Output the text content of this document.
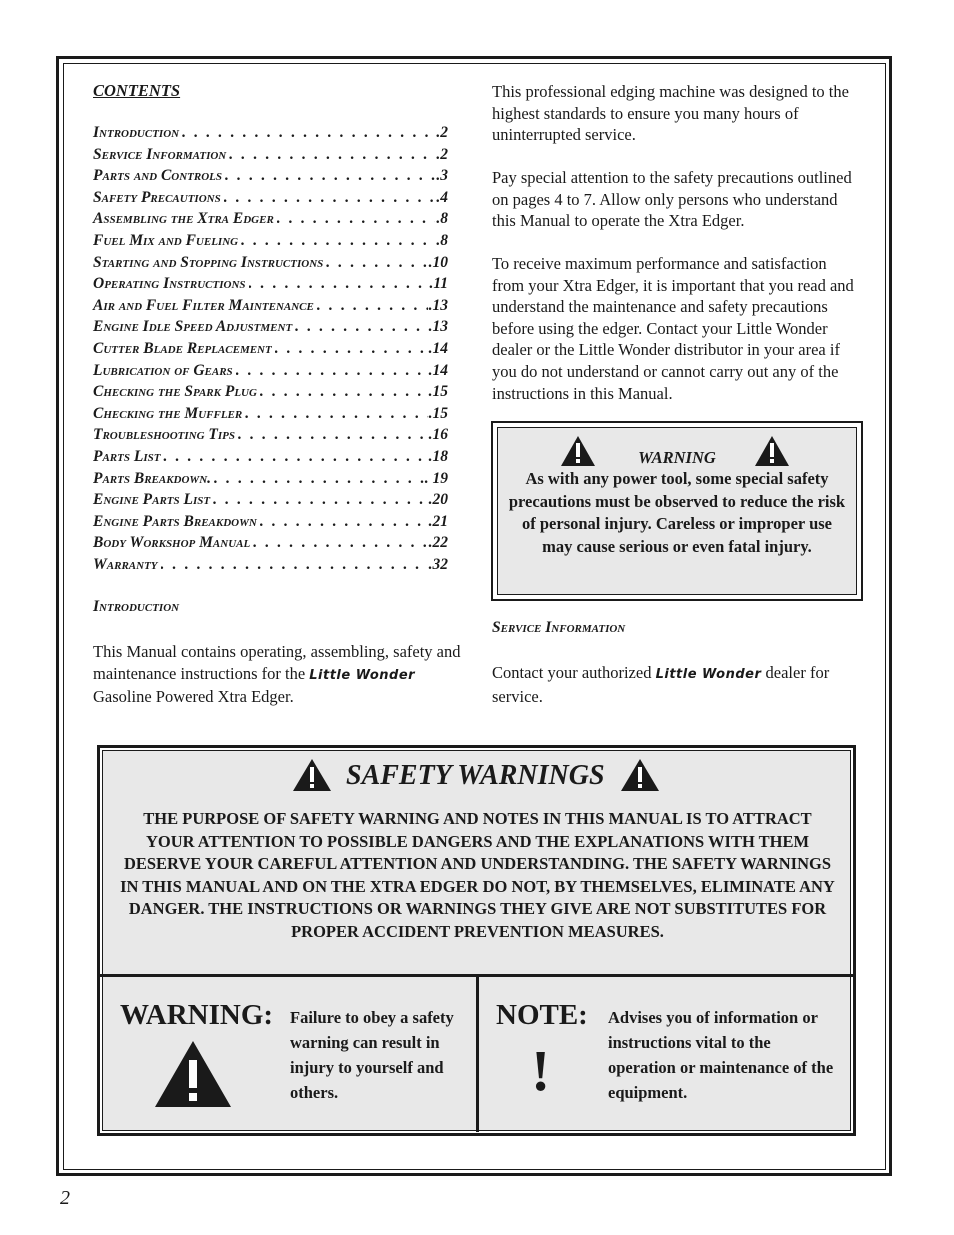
CONTENTS
Introduction . . .	.2
Service Information . . .	.2
Parts and Controls . . .	.3
Safety Precautions . . .	.4
Assembling the Xtra Edger . . .	.8
Fuel Mix and Fueling . . .	.8
Starting and Stopping Instructions . . .	.10
Operating Instructions . . .	.11
Air and Fuel Filter Maintenance . . .	.13
Engine Idle Speed Adjustment . . .	.13
Cutter Blade Replacement . . .	.14
Lubrication of Gears . . .	.14
Checking the Spark Plug . . .	.15
Checking the Muffler . . .	.15
Troubleshooting Tips . . .	.16
Parts List . . .	.18
Parts Breakdown. . . .	. 19
Engine Parts List . . .	.20
Engine Parts Breakdown . . .	.21
Body Workshop Manual . . .	.22
Warranty . . .	.32
Introduction
This Manual contains operating, assembling, safety and maintenance instructions for the Little Wonder Gasoline Powered Xtra Edger.
This professional edging machine was designed to the highest standards to ensure you many hours of uninterrupted service.
Pay special attention to the safety precautions outlined on pages 4 to 7. Allow only persons who understand this Manual to operate the Xtra Edger.
To receive maximum performance and satisfaction from your Xtra Edger, it is important that you read and understand the maintenance and safety precautions before using the edger. Contact your Little Wonder dealer or the Little Wonder distributor in your area if you do not understand or cannot carry out any of the instructions in this Manual.
WARNING
As with any power tool, some special safety precautions must be observed to reduce the risk of personal injury. Careless or improper use may cause serious or even fatal injury.
Service Information
Contact your authorized Little Wonder dealer for service.
SAFETY WARNINGS
THE PURPOSE OF SAFETY WARNING AND NOTES IN THIS MANUAL IS TO ATTRACT YOUR ATTENTION TO POSSIBLE DANGERS AND THE EXPLANATIONS WITH THEM DESERVE YOUR CAREFUL ATTENTION AND UNDERSTANDING. THE SAFETY WARNINGS IN THIS MANUAL AND ON THE XTRA EDGER DO NOT, BY THEMSELVES, ELIMINATE ANY DANGER. THE INSTRUCTIONS OR WARNINGS THEY GIVE ARE NOT SUBSTITUTES FOR PROPER ACCIDENT PREVENTION MEASURES.
WARNING: Failure to obey a safety warning can result in injury to yourself and others.
NOTE:
!
Advises you of information or instructions vital to the operation or maintenance of the equipment.
2
